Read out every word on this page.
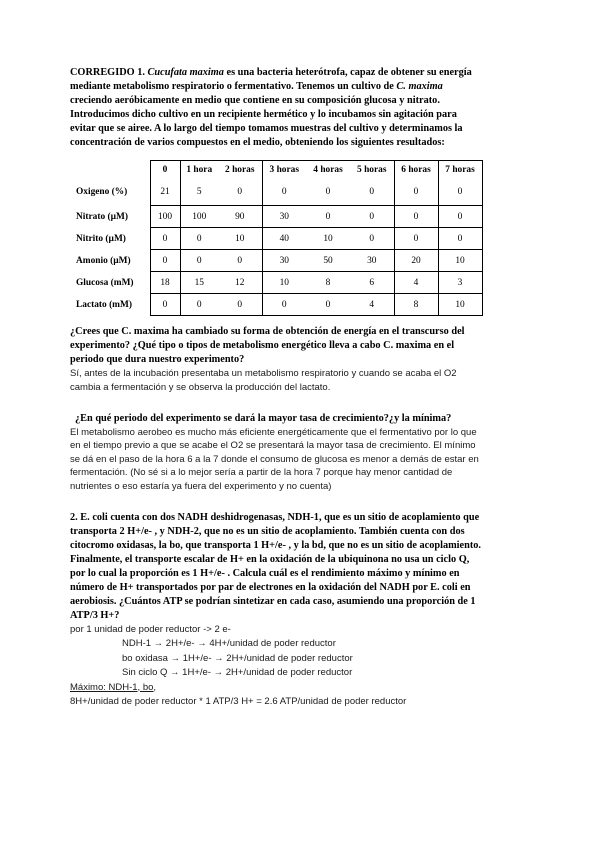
CORREGIDO 1. Cucufata maxima es una bacteria heterótrofa, capaz de obtener su energía mediante metabolismo respiratorio o fermentativo. Tenemos un cultivo de C. maxima creciendo aeróbicamente en medio que contiene en su composición glucosa y nitrato. Introducimos dicho cultivo en un recipiente hermético y lo incubamos sin agitación para evitar que se airee. A lo largo del tiempo tomamos muestras del cultivo y determinamos la concentración de varios compuestos en el medio, obteniendo los siguientes resultados:

	0	1 hora	2 horas	3 horas	4 horas	5 horas	6 horas	7 horas
Oxigeno (%)	21	5	0	0	0	0	0	0
Nitrato (µM)	100	100	90	30	0	0	0	0
Nitrito (µM)	0	0	10	40	10	0	0	0
Amonio (µM)	0	0	0	30	50	30	20	10
Glucosa (mM)	18	15	12	10	8	6	4	3
Lactato (mM)	0	0	0	0	0	4	8	10

¿Crees que C. maxima ha cambiado su forma de obtención de energía en el transcurso del experimento? ¿Qué tipo o tipos de metabolismo energético lleva a cabo C. maxima en el periodo que dura nuestro experimento?

Sí, antes de la incubación presentaba un metabolismo respiratorio y cuando se acaba el O2 cambia a fermentación y se observa la producción del lactato.

¿En qué periodo del experimento se dará la mayor tasa de crecimiento?¿y la mínima?

El metabolismo aerobeo es mucho más eficiente energéticamente que el fermentativo por lo que en el tiempo previo a que se acabe el O2 se presentará la mayor tasa de crecimiento. El mínimo se dá en el paso de la hora 6 a la 7 donde el consumo de glucosa es menor a demás de estar en fermentación. (No sé si a lo mejor sería a partir de la hora 7 porque hay menor cantidad de nutrientes o eso estaría ya fuera del experimento y no cuenta)

2. E. coli cuenta con dos NADH deshidrogenasas, NDH-1, que es un sitio de acoplamiento que transporta 2 H+/e- , y NDH-2, que no es un sitio de acoplamiento. También cuenta con dos citocromo oxidasas, la bo, que transporta 1 H+/e- , y la bd, que no es un sitio de acoplamiento. Finalmente, el transporte escalar de H+ en la oxidación de la ubiquinona no usa un ciclo Q, por lo cual la proporción es 1 H+/e- . Calcula cuál es el rendimiento máximo y mínimo en número de H+ transportados por par de electrones en la oxidación del NADH por E. coli en aerobiosis. ¿Cuántos ATP se podrían sintetizar en cada caso, asumiendo una proporción de 1 ATP/3 H+?

por 1 unidad de poder reductor -> 2 e-

NDH-1 → 2H+/e- → 4H+/unidad de poder reductor

bo oxidasa → 1H+/e- → 2H+/unidad de poder reductor

Sin ciclo Q → 1H+/e- → 2H+/unidad de poder reductor

Máximo: NDH-1, bo,

8H+/unidad de poder reductor * 1 ATP/3 H+ = 2.6 ATP/unidad de poder reductor
